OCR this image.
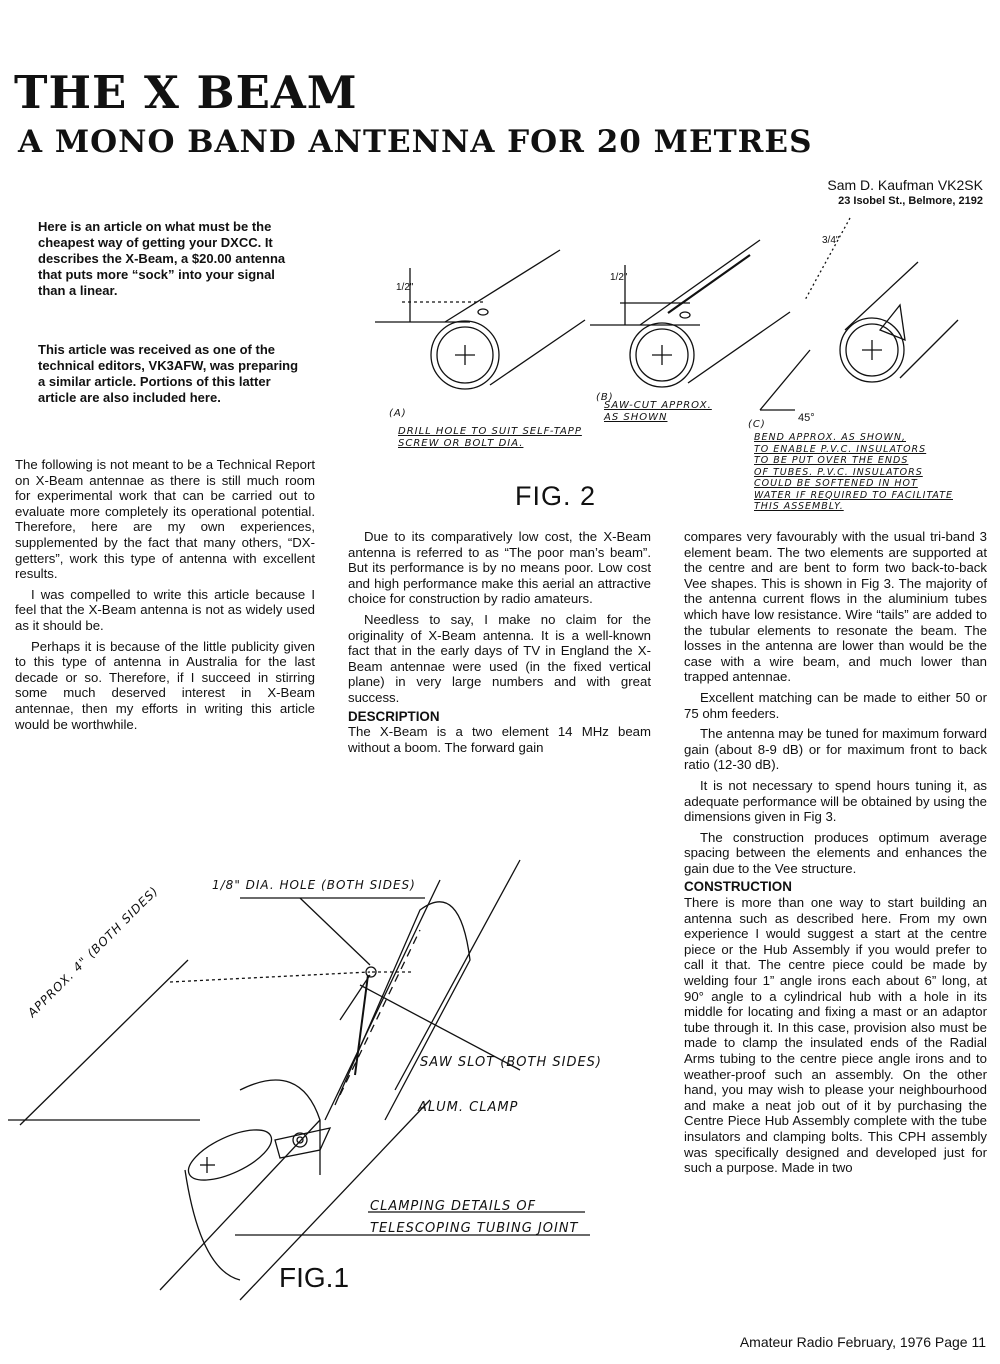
THE X BEAM
A MONO BAND ANTENNA FOR 20 METRES
Sam D. Kaufman VK2SK
23 Isobel St., Belmore, 2192

Here is an article on what must be the cheapest way of getting your DXCC. It describes the X-Beam, a $20.00 antenna that puts more “sock” into your signal than a linear.

This article was received as one of the technical editors, VK3AFW, was preparing a similar article. Portions of this latter article are also included here.

The following is not meant to be a Technical Report on X-Beam antennae as there is still much room for experimental work that can be carried out to evaluate more completely its operational potential. Therefore, here are my own experiences, supplemented by the fact that many others, “DX-getters”, work this type of antenna with excellent results.

I was compelled to write this article because I feel that the X-Beam antenna is not as widely used as it should be.

Perhaps it is because of the little publicity given to this type of antenna in Australia for the last decade or so. Therefore, if I succeed in stirring some much deserved interest in X-Beam antennae, then my efforts in writing this article would be worthwhile.

Due to its comparatively low cost, the X-Beam antenna is referred to as “The poor man’s beam”. But its performance is by no means poor. Low cost and high performance make this aerial an attractive choice for construction by radio amateurs.

Needless to say, I make no claim for the originality of X-Beam antenna. It is a well-known fact that in the early days of TV in England the X-Beam antennae were used (in the fixed vertical plane) in very large numbers and with great success.

DESCRIPTION

The X-Beam is a two element 14 MHz beam without a boom. The forward gain

compares very favourably with the usual tri-band 3 element beam. The two elements are supported at the centre and are bent to form two back-to-back Vee shapes. This is shown in Fig 3. The majority of the antenna current flows in the aluminium tubes which have low resistance. Wire “tails” are added to the tubular elements to resonate the beam. The losses in the antenna are lower than would be the case with a wire beam, and much lower than trapped antennae.

Excellent matching can be made to either 50 or 75 ohm feeders.

The antenna may be tuned for maximum forward gain (about 8-9 dB) or for maximum front to back ratio (12-30 dB).

It is not necessary to spend hours tuning it, as adequate performance will be obtained by using the dimensions given in Fig 3.

The construction produces optimum average spacing between the elements and enhances the gain due to the Vee structure.

CONSTRUCTION

There is more than one way to start building an antenna such as described here. From my own experience I would suggest a start at the centre piece or the Hub Assembly if you would prefer to call it that. The centre piece could be made by welding four 1” angle irons each about 6” long, at 90° angle to a cylindrical hub with a hole in its middle for locating and fixing a mast or an adaptor tube through it. In this case, provision also must be made to clamp the insulated ends of the Radial Arms tubing to the centre piece angle irons and to weather-proof such an assembly. On the other hand, you may wish to please your neighbourhood and make a neat job out of it by purchasing the Centre Piece Hub Assembly complete with the tube insulators and clamping bolts. This CPH assembly was specifically designed and developed just for such a purpose. Made in two

Amateur Radio February, 1976 Page 11
(A)
DRILL HOLE TO SUIT SELF-TAPP
SCREW OR BOLT DIA.
(B)
SAW-CUT APPROX.
AS SHOWN
(C)
45°
BEND APPROX. AS SHOWN,
TO ENABLE P.V.C. INSULATORS
TO BE PUT OVER THE ENDS
OF TUBES. P.V.C. INSULATORS
COULD BE SOFTENED IN HOT
WATER IF REQUIRED TO FACILITATE
THIS ASSEMBLY.
1/2"
1/2"
3/4"
FIG. 2
1/8" DIA. HOLE (BOTH SIDES)
APPROX. 4" (BOTH SIDES)
SAW SLOT (BOTH SIDES)
ALUM. CLAMP
CLAMPING DETAILS OF
TELESCOPING TUBING JOINT
FIG.1
